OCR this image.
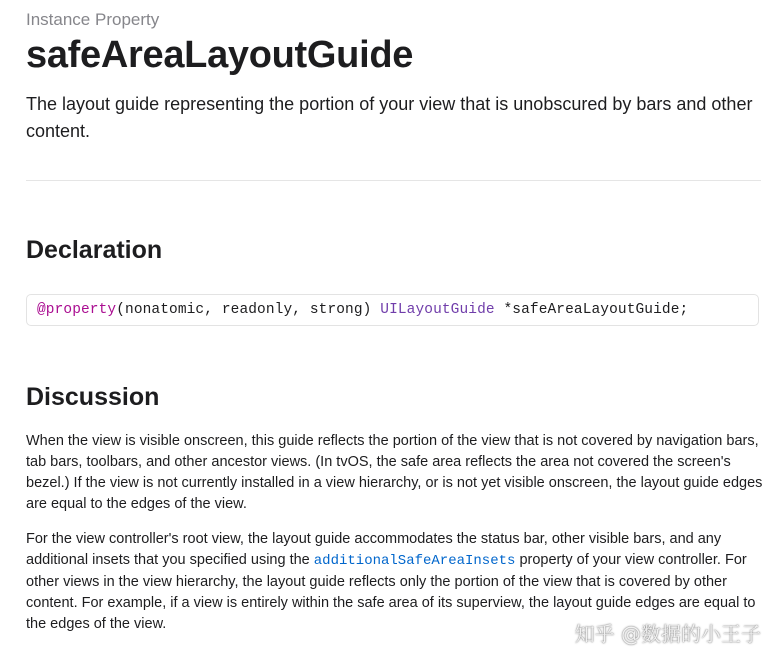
Instance Property
safeAreaLayoutGuide

The layout guide representing the portion of your view that is unobscured by bars and other content.

Declaration
@property(nonatomic, readonly, strong) UILayoutGuide *safeAreaLayoutGuide;
Discussion

When the view is visible onscreen, this guide reflects the portion of the view that is not covered by navigation bars, tab bars, toolbars, and other ancestor views. (In tvOS, the safe area reflects the area not covered the screen's bezel.) If the view is not currently installed in a view hierarchy, or is not yet visible onscreen, the layout guide edges are equal to the edges of the view.

For the view controller's root view, the layout guide accommodates the status bar, other visible bars, and any additional insets that you specified using the additionalSafeAreaInsets property of your view controller. For other views in the view hierarchy, the layout guide reflects only the portion of the view that is covered by other content. For example, if a view is entirely within the safe area of its superview, the layout guide edges are equal to the edges of the view.	知乎 @数据的小王子
